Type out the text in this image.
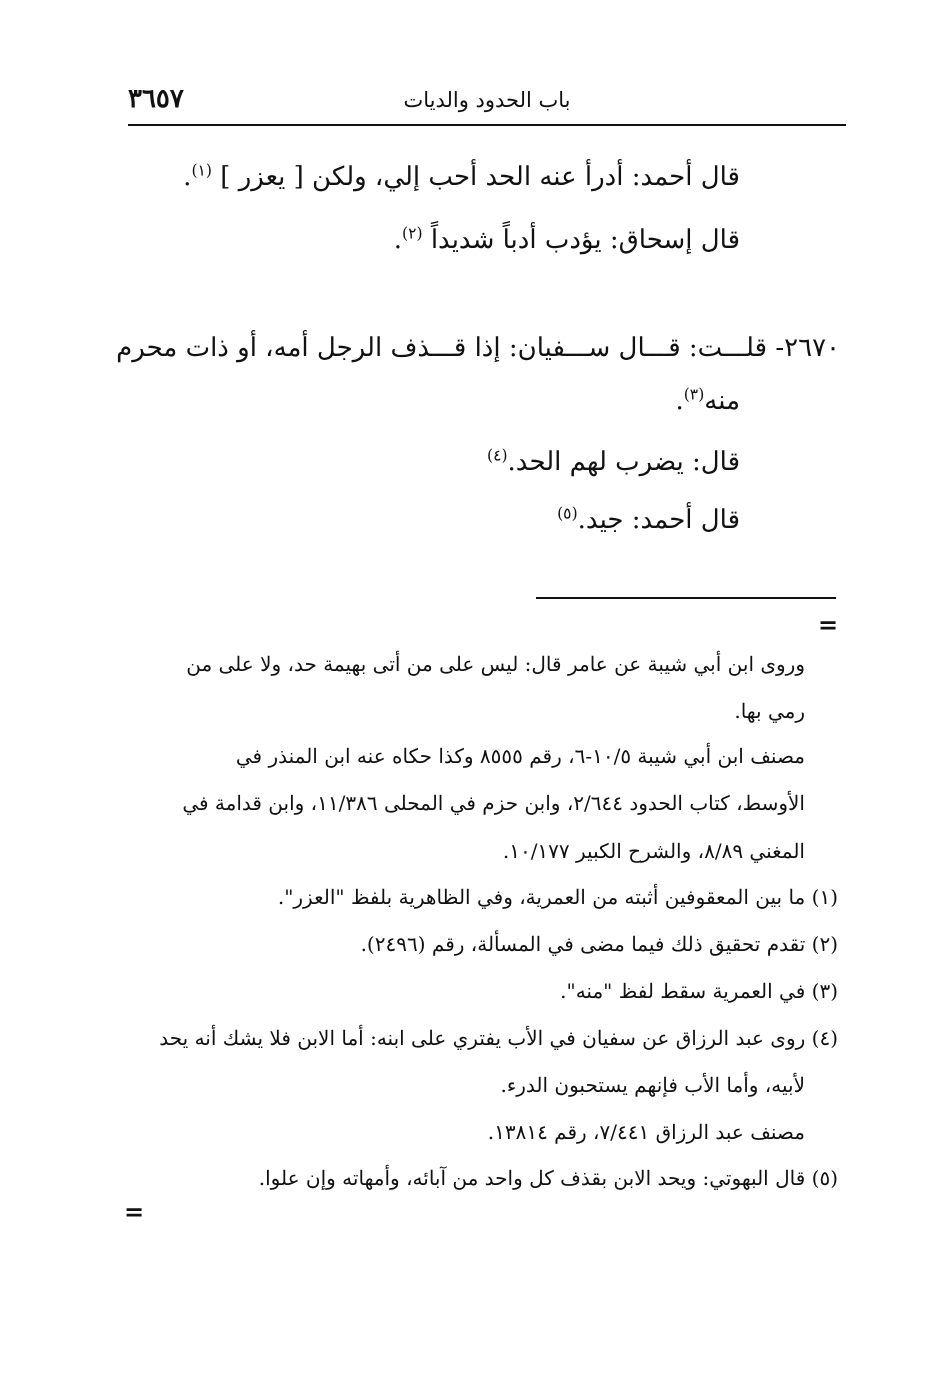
٣٦٥٧	باب الحدود والديات
قال أحمد: أدرأ عنه الحد أحب إلي، ولكن [ يعزر ] $^{(١)}$.
قال إسحاق: يؤدب أدباً شديداً $^{(٢)}$.
٢٦٧٠- قلـــت: قـــال ســـفيان: إذا قـــذف الرجل أمه، أو ذات محرم
منه$^{(٣)}$.
قال: يضرب لهم الحد.$^{(٤)}$
قال أحمد: جيد.$^{(٥)}$
=
وروى ابن أبي شيبة عن عامر قال: ليس على من أتى بهيمة حد، ولا على من
رمي بها.
مصنف ابن أبي شيبة ١٠/٥-٦، رقم ٨٥٥٥ وكذا حكاه عنه ابن المنذر في
الأوسط، كتاب الحدود ٢/٦٤٤، وابن حزم في المحلى ١١/٣٨٦، وابن قدامة في
المغني ٨/٨٩، والشرح الكبير ١٠/١٧٧.
(١) ما بين المعقوفين أثبته من العمرية، وفي الظاهرية بلفظ "العزر".
(٢) تقدم تحقيق ذلك فيما مضى في المسألة، رقم (٢٤٩٦).
(٣) في العمرية سقط لفظ "منه".
(٤) روى عبد الرزاق عن سفيان في الأب يفتري على ابنه: أما الابن فلا يشك أنه يحد
لأبيه، وأما الأب فإنهم يستحبون الدرء.
مصنف عبد الرزاق ٧/٤٤١، رقم ١٣٨١٤.
(٥) قال البهوتي: ويحد الابن بقذف كل واحد من آبائه، وأمهاته وإن علوا.
=
